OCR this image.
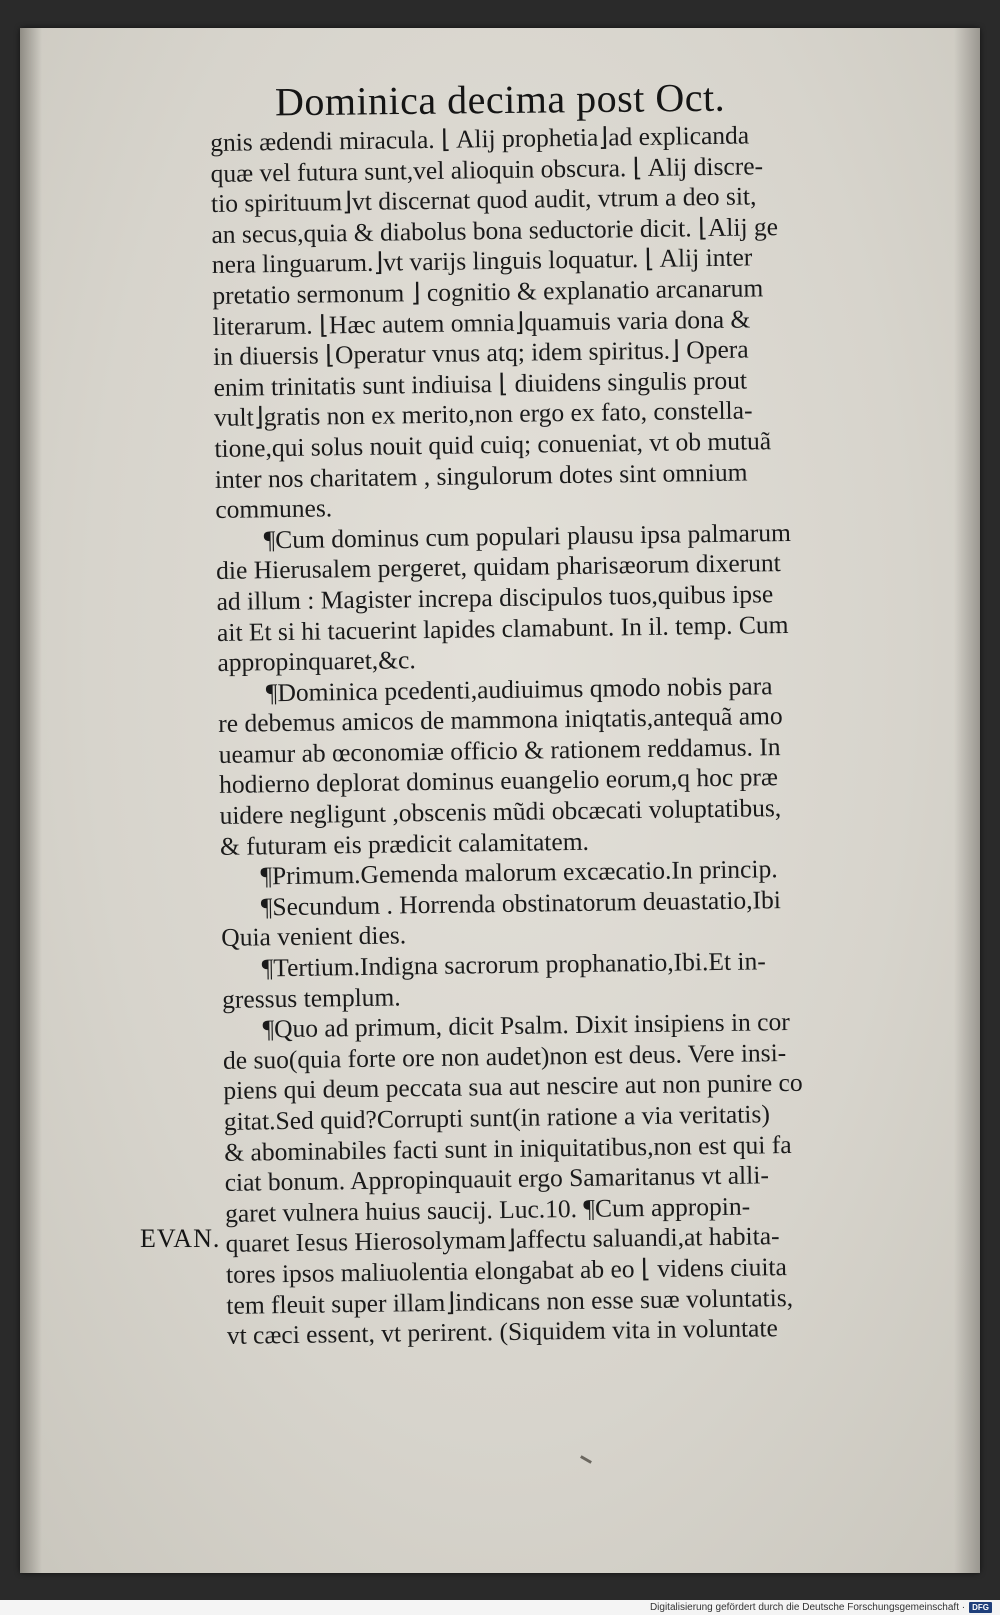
Dominica decima post Oct.
EVAN.
gnis ædendi miracula. ⌊ Alij prophetia⌋ad explicanda
quæ vel futura sunt,vel alioquin obscura. ⌊ Alij discre-
tio spirituum⌋vt discernat quod audit, vtrum a deo sit,
an secus,quia & diabolus bona seductorie dicit. ⌊Alij ge
nera linguarum.⌋vt varijs linguis loquatur. ⌊ Alij inter
pretatio sermonum ⌋ cognitio & explanatio arcanarum
literarum. ⌊Hæc autem omnia⌋quamuis varia dona &
in diuersis ⌊Operatur vnus atq; idem spiritus.⌋ Opera
enim trinitatis sunt indiuisa ⌊ diuidens singulis prout
vult⌋gratis non ex merito,non ergo ex fato, constella-
tione,qui solus nouit quid cuiq; conueniat, vt ob mutuã
inter nos charitatem , singulorum dotes sint omnium
communes.
¶Cum dominus cum populari plausu ipsa palmarum
die Hierusalem pergeret, quidam pharisæorum dixerunt
ad illum : Magister increpa discipulos tuos,quibus ipse
ait Et si hi tacuerint lapides clamabunt. In il. temp. Cum
appropinquaret,&c.
¶Dominica pcedenti,audiuimus qmodo nobis para
re debemus amicos de mammona iniqtatis,antequã amo
ueamur ab œconomiæ officio & rationem reddamus. In
hodierno deplorat dominus euangelio eorum,q hoc præ
uidere negligunt ,obscenis mũdi obcæcati voluptatibus,
& futuram eis prædicit calamitatem.
¶Primum.Gemenda malorum excæcatio.In princip.
¶Secundum . Horrenda obstinatorum deuastatio,Ibi
Quia venient dies.
¶Tertium.Indigna sacrorum prophanatio,Ibi.Et in-
gressus templum.
¶Quo ad primum, dicit Psalm. Dixit insipiens in cor
de suo(quia forte ore non audet)non est deus. Vere insi-
piens qui deum peccata sua aut nescire aut non punire co
gitat.Sed quid?Corrupti sunt(in ratione a via veritatis)
& abominabiles facti sunt in iniquitatibus,non est qui fa
ciat bonum. Appropinquauit ergo Samaritanus vt alli-
garet vulnera huius saucij. Luc.10. ¶Cum appropin-
quaret Iesus Hierosolymam⌋affectu saluandi,at habita-
tores ipsos maliuolentia elongabat ab eo ⌊ videns ciuita
tem fleuit super illam⌋indicans non esse suæ voluntatis,
vt cæci essent, vt perirent. (Siquidem vita in voluntate
Digitalisierung gefördert durch die Deutsche Forschungsgemeinschaft · DFG
